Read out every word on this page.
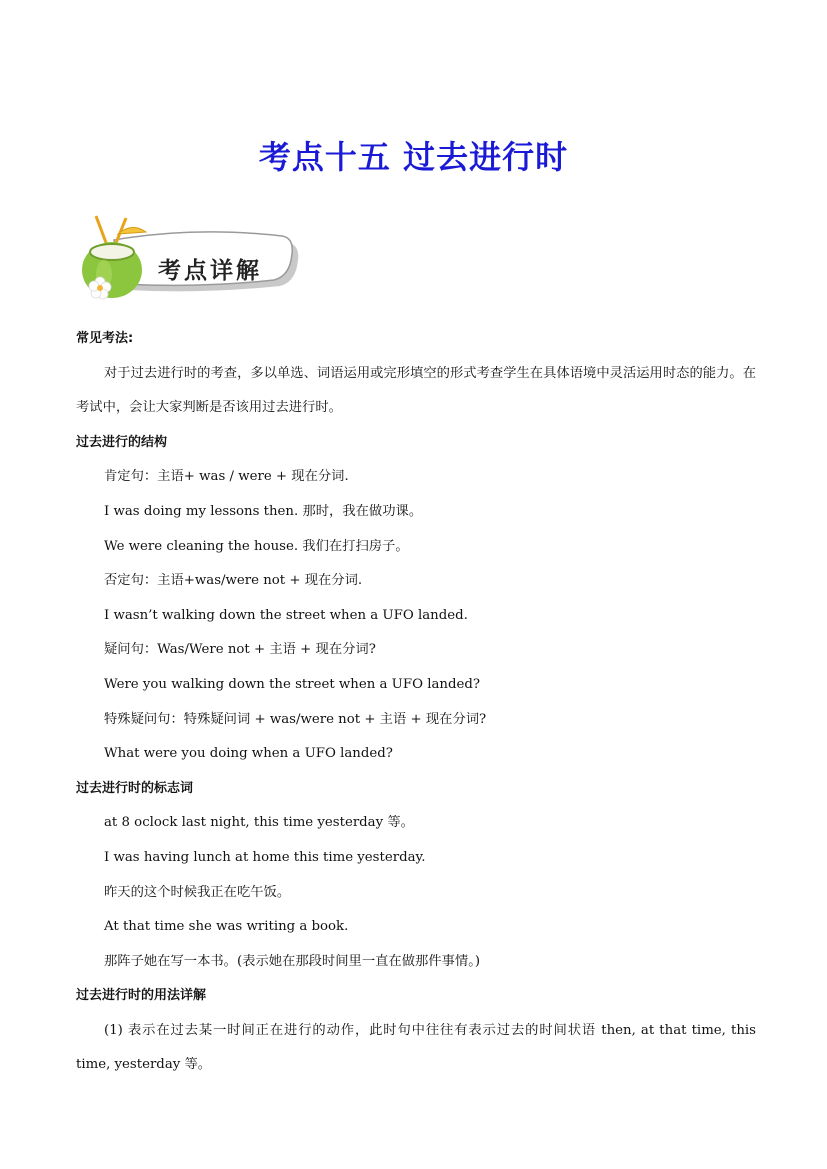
考点十五 过去进行时
考点详解
常见考法:
对于过去进行时的考查，多以单选、词语运用或完形填空的形式考查学生在具体语境中灵活运用时态的能力。在考试中，会让大家判断是否该用过去进行时。
过去进行的结构
肯定句：主语+ was / were + 现在分词.
I was doing my lessons then. 那时，我在做功课。
We were cleaning the house. 我们在打扫房子。
否定句：主语+was/were not + 现在分词.
I wasn’t walking down the street when a UFO landed.
疑问句：Was/Were not + 主语 + 现在分词?
Were you walking down the street when a UFO landed?
特殊疑问句：特殊疑问词 + was/were not + 主语 + 现在分词?
What were you doing when a UFO landed?
过去进行时的标志词
at 8 oclock last night, this time yesterday 等。
I was having lunch at home this time yesterday.
昨天的这个时候我正在吃午饭。
At that time she was writing a book.
那阵子她在写一本书。(表示她在那段时间里一直在做那件事情。)
过去进行时的用法详解
(1) 表示在过去某一时间正在进行的动作，此时句中往往有表示过去的时间状语 then, at that time, this time, yesterday 等。
